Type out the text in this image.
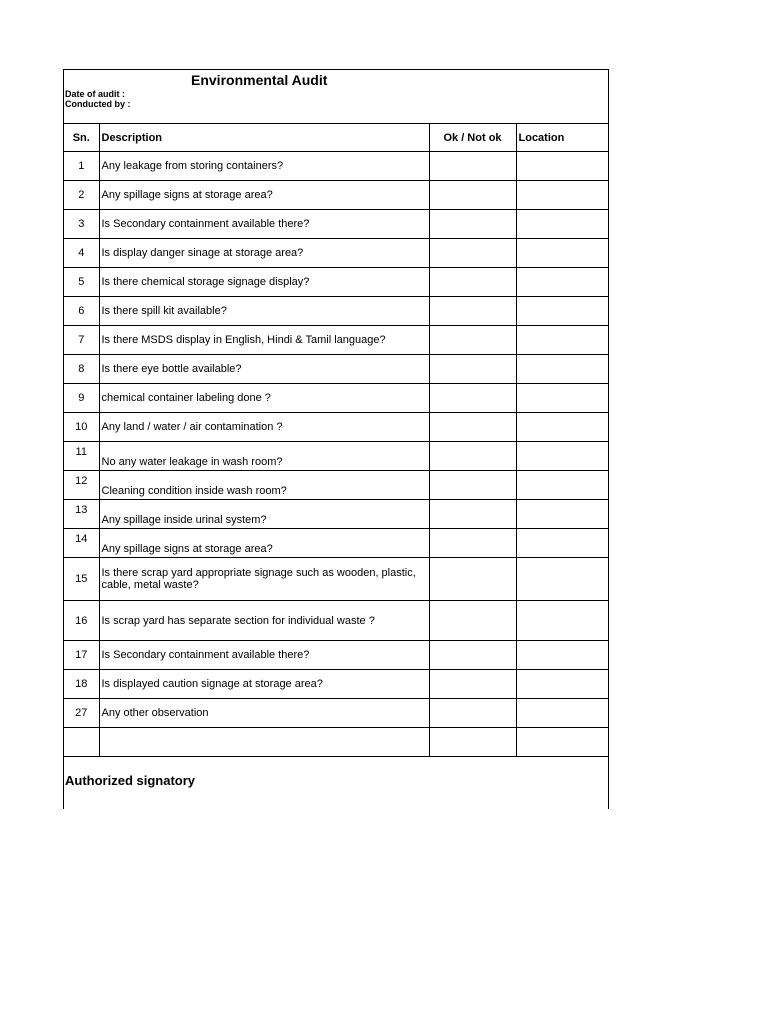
Environmental Audit
Date of audit :
Conducted by :
Sn.	Description	Ok / Not ok	Location
1	Any leakage from storing containers?		
2	Any spillage signs at storage area?		
3	Is Secondary containment available there?		
4	Is display danger sinage at storage area?		
5	Is there chemical storage signage display?		
6	Is there spill kit available?		
7	Is there MSDS display in English, Hindi & Tamil language?		
8	Is there eye bottle available?		
9	chemical container labeling done ?		
10	Any land / water / air contamination ?		
11	No any water leakage in wash room?		
12	Cleaning condition inside wash room?		
13	Any spillage inside urinal system?		
14	Any spillage signs at storage area?		
15	Is there scrap yard appropriate signage such as wooden, plastic, cable, metal waste?		
16	Is scrap yard has separate section for individual waste ?		
17	Is Secondary containment available there?		
18	Is displayed caution signage at storage area?		
27	Any other observation		

Authorized signatory
